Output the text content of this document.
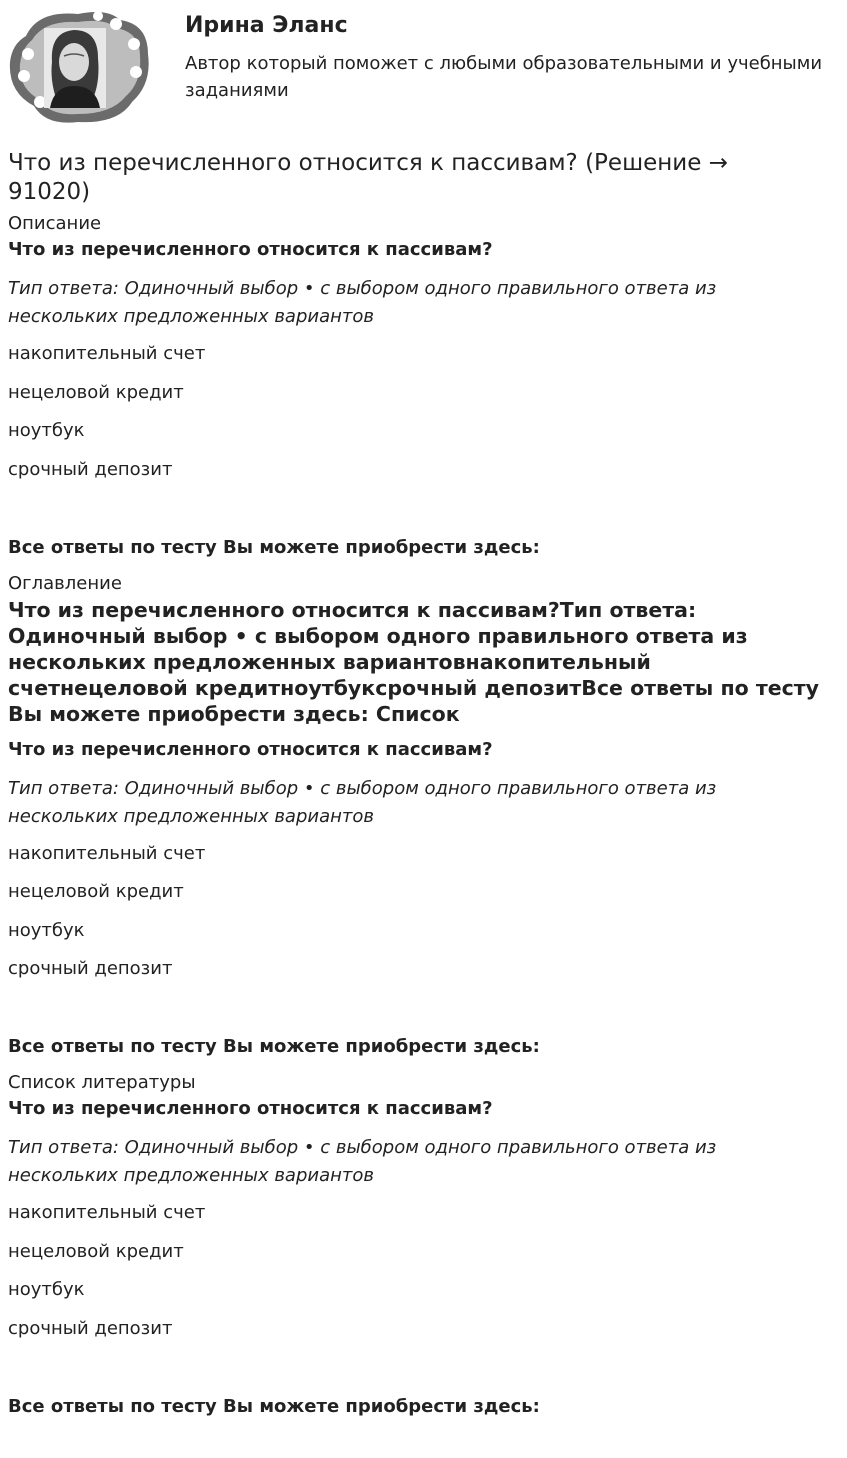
Ирина Эланс

Автор который поможет с любыми образовательными и учебными заданиями

Что из перечисленного относится к пассивам? (Решение → 91020)

Описание

Что из перечисленного относится к пассивам?

Тип ответа: Одиночный выбор • с выбором одного правильного ответа из нескольких предложенных вариантов

накопительный счет

нецеловой кредит

ноутбук

срочный депозит

Все ответы по тесту Вы можете приобрести здесь:

Оглавление

Что из перечисленного относится к пассивам?Тип ответа: Одиночный выбор • с выбором одного правильного ответа из нескольких предложенных вариантовнакопительный счетнецеловой кредитноутбуксрочный депозитВсе ответы по тесту Вы можете приобрести здесь: Список

Что из перечисленного относится к пассивам?

Тип ответа: Одиночный выбор • с выбором одного правильного ответа из нескольких предложенных вариантов

накопительный счет

нецеловой кредит

ноутбук

срочный депозит

Все ответы по тесту Вы можете приобрести здесь:

Список литературы

Что из перечисленного относится к пассивам?

Тип ответа: Одиночный выбор • с выбором одного правильного ответа из нескольких предложенных вариантов

накопительный счет

нецеловой кредит

ноутбук

срочный депозит

Все ответы по тесту Вы можете приобрести здесь:
